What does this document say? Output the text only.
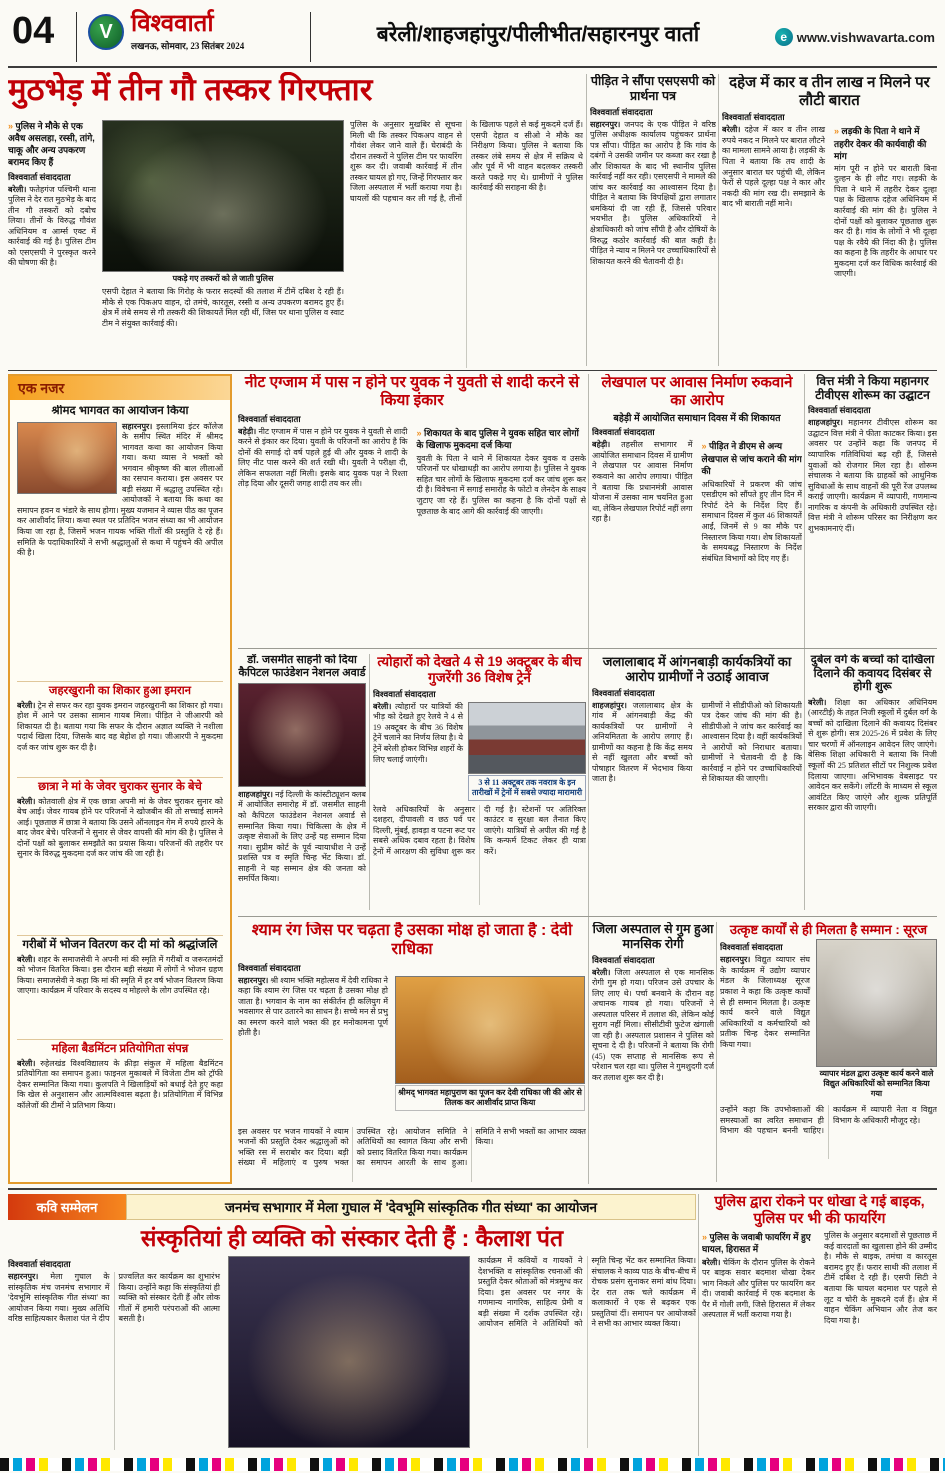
04	V विश्ववार्ता
लखनऊ, सोमवार, 23 सितंबर 2024	बरेली/शाहजहांपुर/पीलीभीत/सहारनपुर वार्ता	e www.vishwavarta.com
मुठभेड़ में तीन गौ तस्कर गिरफ्तार
» पुलिस ने मौके से एक अवैध असलहा, रस्सी, तांगे, चाकू और अन्य उपकरण बरामद किए हैं
विश्ववार्ता संवाददाता
बरेली। फतेहगंज पश्चिमी थाना पुलिस ने देर रात मुठभेड़ के बाद तीन गौ तस्करों को दबोच लिया। तीनों के विरुद्ध गौवंश अधिनियम व आर्म्स एक्ट में कार्रवाई की गई है। पुलिस टीम को एसएसपी ने पुरस्कृत करने की घोषणा की है।
पकड़े गए तस्करों को ले जाती पुलिस
एसपी देहात ने बताया कि गिरोह के फरार सदस्यों की तलाश में टीमें दबिश दे रही हैं। मौके से एक पिकअप वाहन, दो तमंचे, कारतूस, रस्सी व अन्य उपकरण बरामद हुए हैं। क्षेत्र में लंबे समय से गौ तस्करी की शिकायतें मिल रही थीं, जिस पर थाना पुलिस व स्वाट टीम ने संयुक्त कार्रवाई की।
पुलिस के अनुसार मुखबिर से सूचना मिली थी कि तस्कर पिकअप वाहन से गौवंश लेकर जाने वाले हैं। घेराबंदी के दौरान तस्करों ने पुलिस टीम पर फायरिंग शुरू कर दी। जवाबी कार्रवाई में तीन तस्कर घायल हो गए, जिन्हें गिरफ्तार कर जिला अस्पताल में भर्ती कराया गया है। घायलों की पहचान कर ली गई है, तीनों के खिलाफ पहले से कई मुकदमे दर्ज हैं। एसपी देहात व सीओ ने मौके का निरीक्षण किया। पुलिस ने बताया कि तस्कर लंबे समय से क्षेत्र में सक्रिय थे और पूर्व में भी वाहन बदलकर तस्करी करते पकड़े गए थे। ग्रामीणों ने पुलिस कार्रवाई की सराहना की है।
पीड़ित ने सौंपा एसएसपी को प्रार्थना पत्र
विश्ववार्ता संवाददाता
सहारनपुर। जनपद के एक पीड़ित ने वरिष्ठ पुलिस अधीक्षक कार्यालय पहुंचकर प्रार्थना पत्र सौंपा। पीड़ित का आरोप है कि गांव के दबंगों ने उसकी जमीन पर कब्जा कर रखा है और शिकायत के बाद भी स्थानीय पुलिस कार्रवाई नहीं कर रही। एसएसपी ने मामले की जांच कर कार्रवाई का आश्वासन दिया है। पीड़ित ने बताया कि विपक्षियों द्वारा लगातार धमकियां दी जा रही हैं, जिससे परिवार भयभीत है। पुलिस अधिकारियों ने क्षेत्राधिकारी को जांच सौंपी है और दोषियों के विरुद्ध कठोर कार्रवाई की बात कही है। पीड़ित ने न्याय न मिलने पर उच्चाधिकारियों से शिकायत करने की चेतावनी दी है।
दहेज में कार व तीन लाख न मिलने पर लौटी बारात
विश्ववार्ता संवाददाता
बरेली। दहेज में कार व तीन लाख रुपये नकद न मिलने पर बारात लौटने का मामला सामने आया है। लड़की के पिता ने बताया कि तय शादी के अनुसार बारात घर पहुंची थी, लेकिन फेरों से पहले दूल्हा पक्ष ने कार और नकदी की मांग रख दी। समझाने के बाद भी बाराती नहीं माने।
» लड़की के पिता ने थाने में तहरीर देकर की कार्यवाही की मांग
मांग पूरी न होने पर बाराती बिना दुल्हन के ही लौट गए। लड़की के पिता ने थाने में तहरीर देकर दूल्हा पक्ष के खिलाफ दहेज अधिनियम में कार्रवाई की मांग की है। पुलिस ने दोनों पक्षों को बुलाकर पूछताछ शुरू कर दी है। गांव के लोगों ने भी दूल्हा पक्ष के रवैये की निंदा की है। पुलिस का कहना है कि तहरीर के आधार पर मुकदमा दर्ज कर विधिक कार्रवाई की जाएगी।
एक नजर
श्रीमद भागवत का आयोजन किया
सहारनपुर। इस्लामिया इंटर कॉलेज के समीप स्थित मंदिर में श्रीमद भागवत कथा का आयोजन किया गया। कथा व्यास ने भक्तों को भगवान श्रीकृष्ण की बाल लीलाओं का रसपान कराया। इस अवसर पर बड़ी संख्या में श्रद्धालु उपस्थित रहे। आयोजकों ने बताया कि कथा का समापन हवन व भंडारे के साथ होगा। मुख्य यजमान ने व्यास पीठ का पूजन कर आशीर्वाद लिया। कथा स्थल पर प्रतिदिन भजन संध्या का भी आयोजन किया जा रहा है, जिसमें भजन गायक भक्ति गीतों की प्रस्तुति दे रहे हैं। समिति के पदाधिकारियों ने सभी श्रद्धालुओं से कथा में पहुंचने की अपील की है।
जहरखुरानी का शिकार हुआ इमरान
बरेली। ट्रेन से सफर कर रहा युवक इमरान जहरखुरानी का शिकार हो गया। होश में आने पर उसका सामान गायब मिला। पीड़ित ने जीआरपी को शिकायत दी है। बताया गया कि सफर के दौरान अज्ञात व्यक्ति ने नशीला पदार्थ खिला दिया, जिसके बाद वह बेहोश हो गया। जीआरपी ने मुकदमा दर्ज कर जांच शुरू कर दी है।
छात्रा ने मां के जेवर चुराकर सुनार के बेचे
बरेली। कोतवाली क्षेत्र में एक छात्रा अपनी मां के जेवर चुराकर सुनार को बेच आई। जेवर गायब होने पर परिजनों ने खोजबीन की तो सच्चाई सामने आई। पूछताछ में छात्रा ने बताया कि उसने ऑनलाइन गेम में रुपये हारने के बाद जेवर बेचे। परिजनों ने सुनार से जेवर वापसी की मांग की है। पुलिस ने दोनों पक्षों को बुलाकर समझौते का प्रयास किया। परिजनों की तहरीर पर सुनार के विरुद्ध मुकदमा दर्ज कर जांच की जा रही है।
गरीबों में भोजन वितरण कर दी मां को श्रद्धांजलि
बरेली। शहर के समाजसेवी ने अपनी मां की स्मृति में गरीबों व जरूरतमंदों को भोजन वितरित किया। इस दौरान बड़ी संख्या में लोगों ने भोजन ग्रहण किया। समाजसेवी ने कहा कि मां की स्मृति में हर वर्ष भोजन वितरण किया जाएगा। कार्यक्रम में परिवार के सदस्य व मोहल्ले के लोग उपस्थित रहे।
महिला बैडमिंटन प्रतियोगिता संपन्न
बरेली। रुहेलखंड विश्वविद्यालय के क्रीड़ा संकुल में महिला बैडमिंटन प्रतियोगिता का समापन हुआ। फाइनल मुकाबले में विजेता टीम को ट्रॉफी देकर सम्मानित किया गया। कुलपति ने खिलाड़ियों को बधाई देते हुए कहा कि खेल से अनुशासन और आत्मविश्वास बढ़ता है। प्रतियोगिता में विभिन्न कॉलेजों की टीमों ने प्रतिभाग किया।
नीट एग्जाम में पास न होने पर युवक ने युवती से शादी करने से किया इंकार
विश्ववार्ता संवाददाता
बहेड़ी। नीट एग्जाम में पास न होने पर युवक ने युवती से शादी करने से इंकार कर दिया। युवती के परिजनों का आरोप है कि दोनों की सगाई दो वर्ष पहले हुई थी और युवक ने शादी के लिए नीट पास करने की शर्त रखी थी। युवती ने परीक्षा दी, लेकिन सफलता नहीं मिली। इसके बाद युवक पक्ष ने रिश्ता तोड़ दिया और दूसरी जगह शादी तय कर ली।
» शिकायत के बाद पुलिस ने युवक सहित चार लोगों के खिलाफ मुकदमा दर्ज किया
युवती के पिता ने थाने में शिकायत देकर युवक व उसके परिजनों पर धोखाधड़ी का आरोप लगाया है। पुलिस ने युवक सहित चार लोगों के खिलाफ मुकदमा दर्ज कर जांच शुरू कर दी है। विवेचना में सगाई समारोह के फोटो व लेनदेन के साक्ष्य जुटाए जा रहे हैं। पुलिस का कहना है कि दोनों पक्षों से पूछताछ के बाद आगे की कार्रवाई की जाएगी।
लेखपाल पर आवास निर्माण रुकवाने का आरोप
बहेड़ी में आयोजित समाधान दिवस में की शिकायत
विश्ववार्ता संवाददाता
बहेड़ी। तहसील सभागार में आयोजित समाधान दिवस में ग्रामीण ने लेखपाल पर आवास निर्माण रुकवाने का आरोप लगाया। पीड़ित ने बताया कि प्रधानमंत्री आवास योजना में उसका नाम चयनित हुआ था, लेकिन लेखपाल रिपोर्ट नहीं लगा रहा है।
» पीड़ित ने डीएम से अन्य लेखपाल से जांच कराने की मांग की
अधिकारियों ने प्रकरण की जांच एसडीएम को सौंपते हुए तीन दिन में रिपोर्ट देने के निर्देश दिए हैं। समाधान दिवस में कुल 46 शिकायतें आईं, जिनमें से 9 का मौके पर निस्तारण किया गया। शेष शिकायतों के समयबद्ध निस्तारण के निर्देश संबंधित विभागों को दिए गए हैं।
वित्त मंत्री ने किया महानगर टीवीएस शोरूम का उद्घाटन
विश्ववार्ता संवाददाता
शाहजहांपुर। महानगर टीवीएस शोरूम का उद्घाटन वित्त मंत्री ने फीता काटकर किया। इस अवसर पर उन्होंने कहा कि जनपद में व्यापारिक गतिविधियां बढ़ रही हैं, जिससे युवाओं को रोजगार मिल रहा है। शोरूम संचालक ने बताया कि ग्राहकों को आधुनिक सुविधाओं के साथ वाहनों की पूरी रेंज उपलब्ध कराई जाएगी। कार्यक्रम में व्यापारी, गणमान्य नागरिक व कंपनी के अधिकारी उपस्थित रहे। वित्त मंत्री ने शोरूम परिसर का निरीक्षण कर शुभकामनाएं दीं।
डॉ. जसमीत साहनी को दिया कैपिटल फाउंडेशन नेशनल अवार्ड
शाहजहांपुर। नई दिल्ली के कांस्टीट्यूशन क्लब में आयोजित समारोह में डॉ. जसमीत साहनी को कैपिटल फाउंडेशन नेशनल अवार्ड से सम्मानित किया गया। चिकित्सा के क्षेत्र में उत्कृष्ट सेवाओं के लिए उन्हें यह सम्मान दिया गया। सुप्रीम कोर्ट के पूर्व न्यायाधीश ने उन्हें प्रशस्ति पत्र व स्मृति चिन्ह भेंट किया। डॉ. साहनी ने यह सम्मान क्षेत्र की जनता को समर्पित किया।
त्योहारों को देखते 4 से 19 अक्टूबर के बीच गुजरेंगी 36 विशेष ट्रेनें
विश्ववार्ता संवाददाता
3 से 11 अक्टूबर तक नवरात्र के इन तारीखों में ट्रेनों में सबसे ज्यादा मारामारी
बरेली। त्योहारों पर यात्रियों की भीड़ को देखते हुए रेलवे ने 4 से 19 अक्टूबर के बीच 36 विशेष ट्रेनें चलाने का निर्णय लिया है। ये ट्रेनें बरेली होकर विभिन्न शहरों के लिए चलाई जाएंगी।
रेलवे अधिकारियों के अनुसार दशहरा, दीपावली व छठ पर्व पर दिल्ली, मुंबई, हावड़ा व पटना रूट पर सबसे अधिक दबाव रहता है। विशेष ट्रेनों में आरक्षण की सुविधा शुरू कर दी गई है। स्टेशनों पर अतिरिक्त काउंटर व सुरक्षा बल तैनात किए जाएंगे। यात्रियों से अपील की गई है कि कन्फर्म टिकट लेकर ही यात्रा करें।
जलालाबाद में आंगनबाड़ी कार्यकत्रियों का आरोप ग्रामीणों ने उठाई आवाज
विश्ववार्ता संवाददाता
शाहजहांपुर। जलालाबाद क्षेत्र के गांव में आंगनबाड़ी केंद्र की कार्यकत्रियों पर ग्रामीणों ने अनियमितता के आरोप लगाए हैं। ग्रामीणों का कहना है कि केंद्र समय से नहीं खुलता और बच्चों को पोषाहार वितरण में भेदभाव किया जाता है।
ग्रामीणों ने सीडीपीओ को शिकायती पत्र देकर जांच की मांग की है। सीडीपीओ ने जांच कर कार्रवाई का आश्वासन दिया है। वहीं कार्यकत्रियों ने आरोपों को निराधार बताया। ग्रामीणों ने चेतावनी दी है कि कार्रवाई न होने पर उच्चाधिकारियों से शिकायत की जाएगी।
दुर्बल वर्ग के बच्चों को दाखिला दिलाने की कवायद दिसंबर से होगी शुरू
बरेली। शिक्षा का अधिकार अधिनियम (आरटीई) के तहत निजी स्कूलों में दुर्बल वर्ग के बच्चों को दाखिला दिलाने की कवायद दिसंबर से शुरू होगी। सत्र 2025-26 में प्रवेश के लिए चार चरणों में ऑनलाइन आवेदन लिए जाएंगे। बेसिक शिक्षा अधिकारी ने बताया कि निजी स्कूलों की 25 प्रतिशत सीटों पर निशुल्क प्रवेश दिलाया जाएगा। अभिभावक वेबसाइट पर आवेदन कर सकेंगे। लॉटरी के माध्यम से स्कूल आवंटित किए जाएंगे और शुल्क प्रतिपूर्ति सरकार द्वारा की जाएगी।
श्याम रंग जिस पर चढ़ता है उसका मोक्ष हो जाता है : देवी राधिका
विश्ववार्ता संवाददाता
सहारनपुर। श्री श्याम भक्ति महोत्सव में देवी राधिका ने कहा कि श्याम रंग जिस पर चढ़ता है उसका मोक्ष हो जाता है। भगवान के नाम का संकीर्तन ही कलियुग में भवसागर से पार उतारने का साधन है। सच्चे मन से प्रभु का स्मरण करने वाले भक्त की हर मनोकामना पूर्ण होती है।
श्रीमद् भागवत महापुराण का पूजन कर देवी राधिका जी की ओर से तिलक कर आशीर्वाद प्राप्त किया
इस अवसर पर भजन गायकों ने श्याम भजनों की प्रस्तुति देकर श्रद्धालुओं को भक्ति रस में सराबोर कर दिया। बड़ी संख्या में महिलाएं व पुरुष भक्त उपस्थित रहे। आयोजन समिति ने अतिथियों का स्वागत किया और सभी को प्रसाद वितरित किया गया। कार्यक्रम का समापन आरती के साथ हुआ। समिति ने सभी भक्तों का आभार व्यक्त किया।
जिला अस्पताल से गुम हुआ मानसिक रोगी
विश्ववार्ता संवाददाता
बरेली। जिला अस्पताल से एक मानसिक रोगी गुम हो गया। परिजन उसे उपचार के लिए लाए थे। पर्चा बनवाने के दौरान वह अचानक गायब हो गया। परिजनों ने अस्पताल परिसर में तलाश की, लेकिन कोई सुराग नहीं मिला। सीसीटीवी फुटेज खंगाली जा रही है। अस्पताल प्रशासन ने पुलिस को सूचना दे दी है। परिजनों ने बताया कि रोगी (45) एक सप्ताह से मानसिक रूप से परेशान चल रहा था। पुलिस ने गुमशुदगी दर्ज कर तलाश शुरू कर दी है।
उत्कृष्ट कार्यों से ही मिलता है सम्मान : सूरज
विश्ववार्ता संवाददाता
सहारनपुर। विद्युत व्यापार संघ के कार्यक्रम में उद्योग व्यापार मंडल के जिलाध्यक्ष सूरज प्रकाश ने कहा कि उत्कृष्ट कार्यों से ही सम्मान मिलता है। उत्कृष्ट कार्य करने वाले विद्युत अधिकारियों व कर्मचारियों को प्रतीक चिन्ह देकर सम्मानित किया गया।
व्यापार मंडल द्वारा उत्कृष्ट कार्य करने वाले विद्युत अधिकारियों को सम्मानित किया गया
उन्होंने कहा कि उपभोक्ताओं की समस्याओं का त्वरित समाधान ही विभाग की पहचान बननी चाहिए। कार्यक्रम में व्यापारी नेता व विद्युत विभाग के अधिकारी मौजूद रहे।
कवि सम्मेलन	जनमंच सभागार में मेला गुघाल में 'देवभूमि सांस्कृतिक गीत संध्या' का आयोजन
संस्कृतियां ही व्यक्ति को संस्कार देती हैं : कैलाश पंत
विश्ववार्ता संवाददाता
सहारनपुर। मेला गुघाल के सांस्कृतिक मंच जनमंच सभागार में 'देवभूमि सांस्कृतिक गीत संध्या' का आयोजन किया गया। मुख्य अतिथि वरिष्ठ साहित्यकार कैलाश पंत ने दीप प्रज्वलित कर कार्यक्रम का शुभारंभ किया। उन्होंने कहा कि संस्कृतियां ही व्यक्ति को संस्कार देती हैं और लोक गीतों में हमारी परंपराओं की आत्मा बसती है।
कार्यक्रम में कवियों व गायकों ने देशभक्ति व सांस्कृतिक रचनाओं की प्रस्तुति देकर श्रोताओं को मंत्रमुग्ध कर दिया। इस अवसर पर नगर के गणमान्य नागरिक, साहित्य प्रेमी व बड़ी संख्या में दर्शक उपस्थित रहे। आयोजन समिति ने अतिथियों को स्मृति चिन्ह भेंट कर सम्मानित किया। संचालक ने काव्य पाठ के बीच-बीच में रोचक प्रसंग सुनाकर समां बांध दिया। देर रात तक चले कार्यक्रम में कलाकारों ने एक से बढ़कर एक प्रस्तुतियां दीं। समापन पर आयोजकों ने सभी का आभार व्यक्त किया।
पुलिस द्वारा रोकने पर धोखा दे गई बाइक, पुलिस पर भी की फायरिंग
» पुलिस के जवाबी फायरिंग में हुए घायल, हिरासत में
बरेली। चेकिंग के दौरान पुलिस के रोकने पर बाइक सवार बदमाश धोखा देकर भाग निकले और पुलिस पर फायरिंग कर दी। जवाबी कार्रवाई में एक बदमाश के पैर में गोली लगी, जिसे हिरासत में लेकर अस्पताल में भर्ती कराया गया है।
पुलिस के अनुसार बदमाशों से पूछताछ में कई वारदातों का खुलासा होने की उम्मीद है। मौके से बाइक, तमंचा व कारतूस बरामद हुए हैं। फरार साथी की तलाश में टीमें दबिश दे रही हैं। एसपी सिटी ने बताया कि घायल बदमाश पर पहले से लूट व चोरी के मुकदमे दर्ज हैं। क्षेत्र में वाहन चेकिंग अभियान और तेज कर दिया गया है।
